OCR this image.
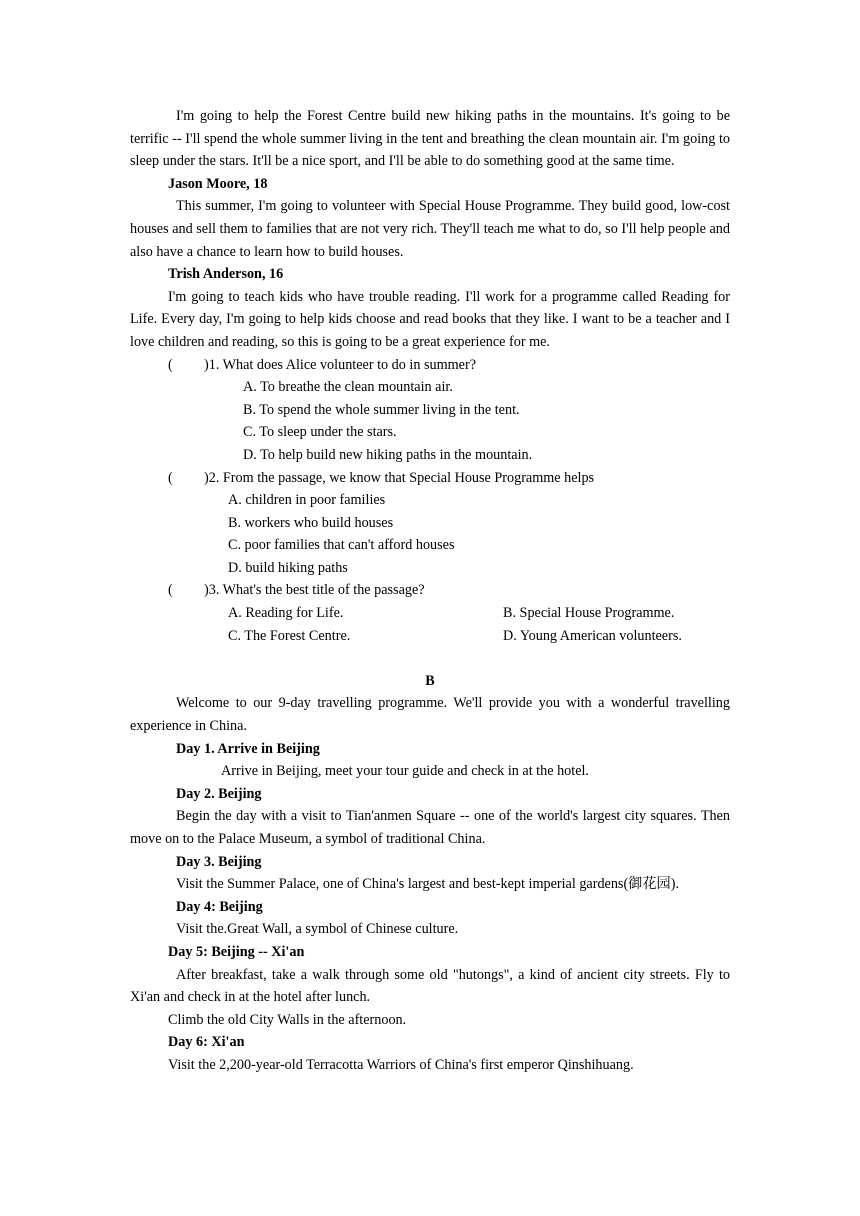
I'm going to help the Forest Centre build new hiking paths in the mountains. It's going to be terrific -- I'll spend the whole summer living in the tent and breathing the clean mountain air. I'm going to sleep under the stars. It'll be a nice sport, and I'll be able to do something good at the same time.

Jason Moore, 18

This summer, I'm going to volunteer with Special House Programme. They build good, low-cost houses and sell them to families that are not very rich. They'll teach me what to do, so I'll help people and also have a chance to learn how to build houses.

Trish Anderson, 16

I'm going to teach kids who have trouble reading. I'll work for a programme called Reading for Life. Every day, I'm going to help kids choose and read books that they like. I want to be a teacher and I love children and reading, so this is going to be a great experience for me.

( )1. What does Alice volunteer to do in summer?
A. To breathe the clean mountain air.
B. To spend the whole summer living in the tent.
C. To sleep under the stars.
D. To help build new hiking paths in the mountain.
( )2. From the passage, we know that Special House Programme helps
A. children in poor families
B. workers who build houses
C. poor families that can't afford houses
D. build hiking paths
( )3. What's the best title of the passage?
A. Reading for Life.	B. Special House Programme.
C. The Forest Centre.	D. Young American volunteers.
B

Welcome to our 9-day travelling programme. We'll provide you with a wonderful travelling experience in China.

Day 1. Arrive in Beijing
Arrive in Beijing, meet your tour guide and check in at the hotel.
Day 2. Beijing

Begin the day with a visit to Tian'anmen Square -- one of the world's largest city squares. Then move on to the Palace Museum, a symbol of traditional China.

Day 3. Beijing
Visit the Summer Palace, one of China's largest and best-kept imperial gardens(御花园).
Day 4: Beijing
Visit the.Great Wall, a symbol of Chinese culture.
Day 5: Beijing -- Xi'an

After breakfast, take a walk through some old "hutongs", a kind of ancient city streets. Fly to Xi'an and check in at the hotel after lunch.

Climb the old City Walls in the afternoon.
Day 6: Xi'an
Visit the 2,200-year-old Terracotta Warriors of China's first emperor Qinshihuang.
